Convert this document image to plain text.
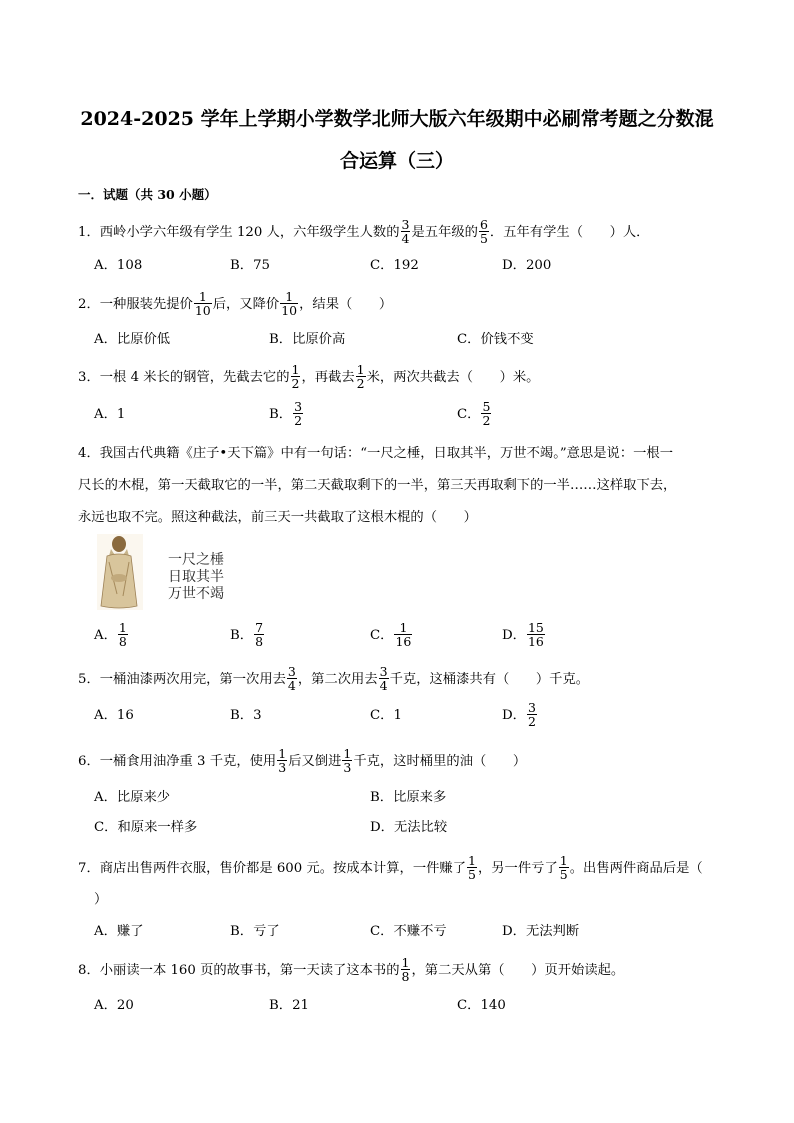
2024-2025 学年上学期小学数学北师大版六年级期中必刷常考题之分数混
合运算（三）
一．试题（共 30 小题）
1．西岭小学六年级有学生 120 人，六年级学生人数的 $\frac{3}{4}$ 是五年级的 $\frac{6}{5}$ ．五年有学生（　　）人．
A．108	B．75	C．192	D．200
2．一种服装先提价 $\frac{1}{10}$ 后，又降价 $\frac{1}{10}$ ，结果（　　）
A．比原价低	B．比原价高	C．价钱不变
3．一根 4 米长的钢管，先截去它的 $\frac{1}{2}$ ，再截去 $\frac{1}{2}$ 米，两次共截去（　　）米。
A．1	B． $\frac{3}{2}$	C． $\frac{5}{2}$
4．我国古代典籍《庄子•天下篇》中有一句话：“一尺之棰，日取其半，万世不竭。”意思是说：一根一
尺长的木棍，第一天截取它的一半，第二天截取剩下的一半，第三天再取剩下的一半……这样取下去，
永远也取不完。照这种截法，前三天一共截取了这根木棍的（　　）
一尺之棰
日取其半
万世不竭
A． $\frac{1}{8}$	B． $\frac{7}{8}$	C． $\frac{1}{16}$	D． $\frac{15}{16}$
5．一桶油漆两次用完，第一次用去 $\frac{3}{4}$ ，第二次用去 $\frac{3}{4}$ 千克，这桶漆共有（　　）千克。
A．16	B．3	C．1	D． $\frac{3}{2}$
6．一桶食用油净重 3 千克，使用 $\frac{1}{3}$ 后又倒进 $\frac{1}{3}$ 千克，这时桶里的油（　　）
A．比原来少	B．比原来多
C．和原来一样多	D．无法比较
7．商店出售两件衣服，售价都是 600 元。按成本计算，一件赚了 $\frac{1}{5}$ ，另一件亏了 $\frac{1}{5}$ 。出售两件商品后是（
）
A．赚了	B．亏了	C．不赚不亏	D．无法判断
8．小丽读一本 160 页的故事书，第一天读了这本书的 $\frac{1}{8}$ ，第二天从第（　　）页开始读起。
A．20	B．21	C．140
